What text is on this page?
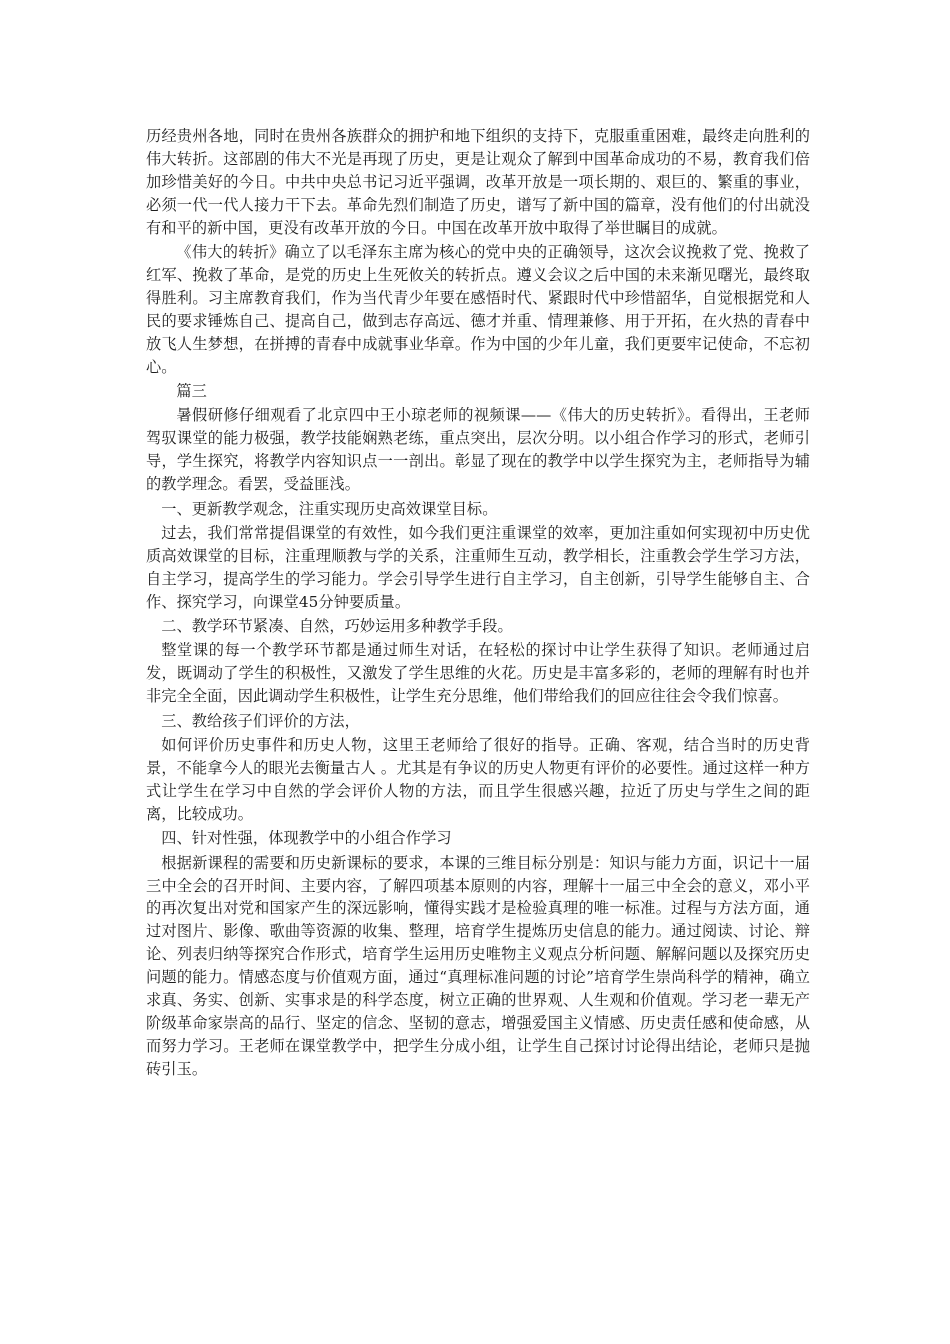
历经贵州各地，同时在贵州各族群众的拥护和地下组织的支持下，克服重重困难，最终走向胜利的伟大转折。这部剧的伟大不光是再现了历史，更是让观众了解到中国革命成功的不易，教育我们倍加珍惜美好的今日。中共中央总书记习近平强调，改革开放是一项长期的、艰巨的、繁重的事业，必须一代一代人接力干下去。革命先烈们制造了历史，谱写了新中国的篇章，没有他们的付出就没有和平的新中国，更没有改革开放的今日。中国在改革开放中取得了举世瞩目的成就。

《伟大的转折》确立了以毛泽东主席为核心的党中央的正确领导，这次会议挽救了党、挽救了红军、挽救了革命，是党的历史上生死攸关的转折点。遵义会议之后中国的未来渐见曙光，最终取得胜利。习主席教育我们，作为当代青少年要在感悟时代、紧跟时代中珍惜韶华，自觉根据党和人民的要求锤炼自己、提高自己，做到志存高远、德才并重、情理兼修、用于开拓，在火热的青春中放飞人生梦想，在拼搏的青春中成就事业华章。作为中国的少年儿童，我们更要牢记使命，不忘初心。

篇三

暑假研修仔细观看了北京四中王小琼老师的视频课——《伟大的历史转折》。看得出，王老师驾驭课堂的能力极强，教学技能娴熟老练，重点突出，层次分明。以小组合作学习的形式，老师引导，学生探究，将教学内容知识点一一剖出。彰显了现在的教学中以学生探究为主，老师指导为辅的教学理念。看罢，受益匪浅。

一、更新教学观念，注重实现历史高效课堂目标。

过去，我们常常提倡课堂的有效性，如今我们更注重课堂的效率，更加注重如何实现初中历史优质高效课堂的目标，注重理顺教与学的关系，注重师生互动，教学相长，注重教会学生学习方法，自主学习，提高学生的学习能力。学会引导学生进行自主学习，自主创新，引导学生能够自主、合作、探究学习，向课堂45分钟要质量。

二、教学环节紧凑、自然，巧妙运用多种教学手段。

整堂课的每一个教学环节都是通过师生对话，在轻松的探讨中让学生获得了知识。老师通过启发，既调动了学生的积极性，又激发了学生思维的火花。历史是丰富多彩的，老师的理解有时也并非完全全面，因此调动学生积极性，让学生充分思维，他们带给我们的回应往往会令我们惊喜。

三、教给孩子们评价的方法，

如何评价历史事件和历史人物，这里王老师给了很好的指导。正确、客观，结合当时的历史背景，不能拿今人的眼光去衡量古人 。尤其是有争议的历史人物更有评价的必要性。通过这样一种方式让学生在学习中自然的学会评价人物的方法，而且学生很感兴趣，拉近了历史与学生之间的距离，比较成功。

四、针对性强，体现教学中的小组合作学习

根据新课程的需要和历史新课标的要求，本课的三维目标分别是：知识与能力方面，识记十一届三中全会的召开时间、主要内容，了解四项基本原则的内容，理解十一届三中全会的意义，邓小平的再次复出对党和国家产生的深远影响，懂得实践才是检验真理的唯一标准。过程与方法方面，通过对图片、影像、歌曲等资源的收集、整理，培育学生提炼历史信息的能力。通过阅读、讨论、辩论、列表归纳等探究合作形式，培育学生运用历史唯物主义观点分析问题、解解问题以及探究历史问题的能力。情感态度与价值观方面，通过“真理标准问题的讨论”培育学生崇尚科学的精神，确立求真、务实、创新、实事求是的科学态度，树立正确的世界观、人生观和价值观。学习老一辈无产阶级革命家崇高的品行、坚定的信念、坚韧的意志，增强爱国主义情感、历史责任感和使命感，从而努力学习。王老师在课堂教学中，把学生分成小组，让学生自己探讨讨论得出结论，老师只是抛砖引玉。
